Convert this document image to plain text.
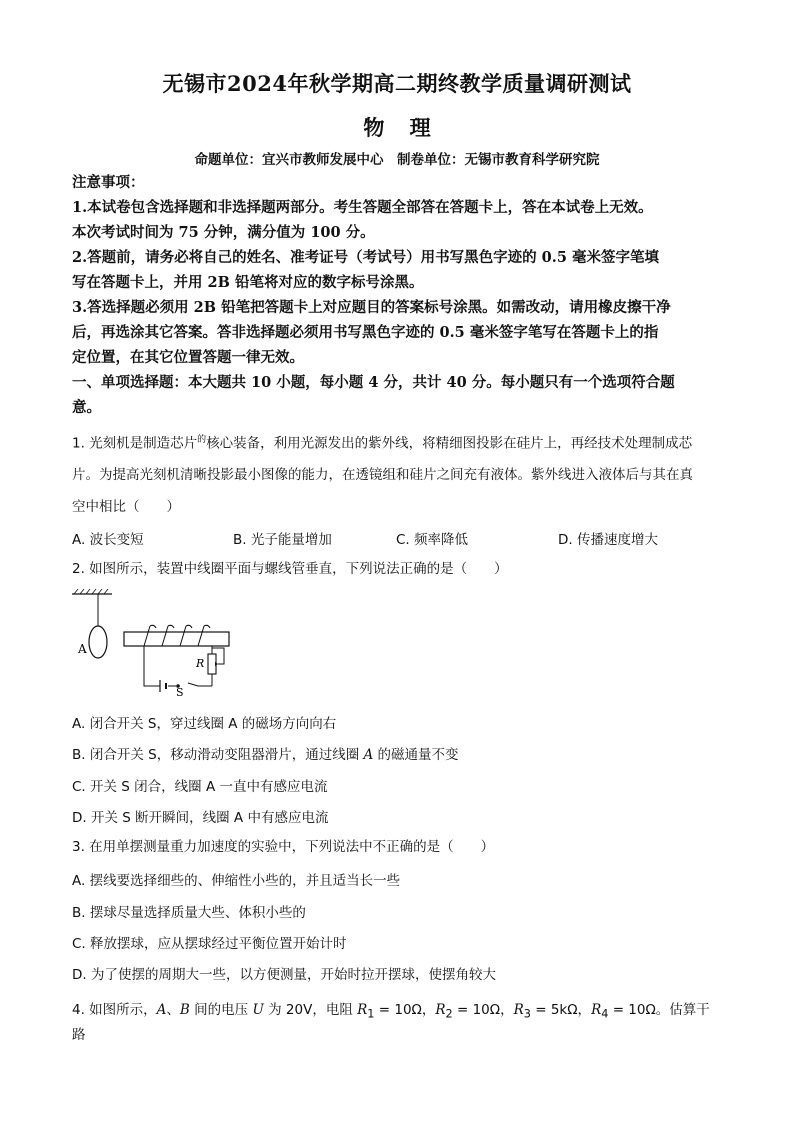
无锡市2024年秋学期高二期终教学质量调研测试
物 理
命题单位：宜兴市教师发展中心　制卷单位：无锡市教育科学研究院
注意事项：
1.本试卷包含选择题和非选择题两部分。考生答题全部答在答题卡上，答在本试卷上无效。
本次考试时间为 75 分钟，满分值为 100 分。
2.答题前，请务必将自己的姓名、准考证号（考试号）用书写黑色字迹的 0.5 毫米签字笔填
写在答题卡上，并用 2B 铅笔将对应的数字标号涂黑。
3.答选择题必须用 2B 铅笔把答题卡上对应题目的答案标号涂黑。如需改动，请用橡皮擦干净
后，再选涂其它答案。答非选择题必须用书写黑色字迹的 0.5 毫米签字笔写在答题卡上的指
定位置，在其它位置答题一律无效。
一、单项选择题：本大题共 10 小题，每小题 4 分，共计 40 分。每小题只有一个选项符合题
意。
1. 光刻机是制造芯片$^的$核心装备，利用光源发出的紫外线，将精细图投影在硅片上，再经技术处理制成芯
片。为提高光刻机清晰投影最小图像的能力，在透镜组和硅片之间充有液体。紫外线进入液体后与其在真
空中相比（　　）
A. 波长变短	B. 光子能量增加	C. 频率降低	D. 传播速度增大
2. 如图所示，装置中线圈平面与螺线管垂直，下列说法正确的是（　　）
A
S
R
A. 闭合开关 S，穿过线圈 A 的磁场方向向右
B. 闭合开关 S，移动滑动变阻器滑片，通过线圈 A 的磁通量不变
C. 开关 S 闭合，线圈 A 一直中有感应电流
D. 开关 S 断开瞬间，线圈 A 中有感应电流
3. 在用单摆测量重力加速度的实验中，下列说法中不正确的是（　　）
A. 摆线要选择细些的、伸缩性小些的，并且适当长一些
B. 摆球尽量选择质量大些、体积小些的
C. 释放摆球，应从摆球经过平衡位置开始计时
D. 为了使摆的周期大一些，以方便测量，开始时拉开摆球，使摆角较大
4. 如图所示，A、B 间的电压 U 为 20V，电阻 $R_1 = 10\Omega$，$R_2 = 10\Omega$，$R_3 = 5k\Omega$，$R_4 = 10\Omega$。估算干路
